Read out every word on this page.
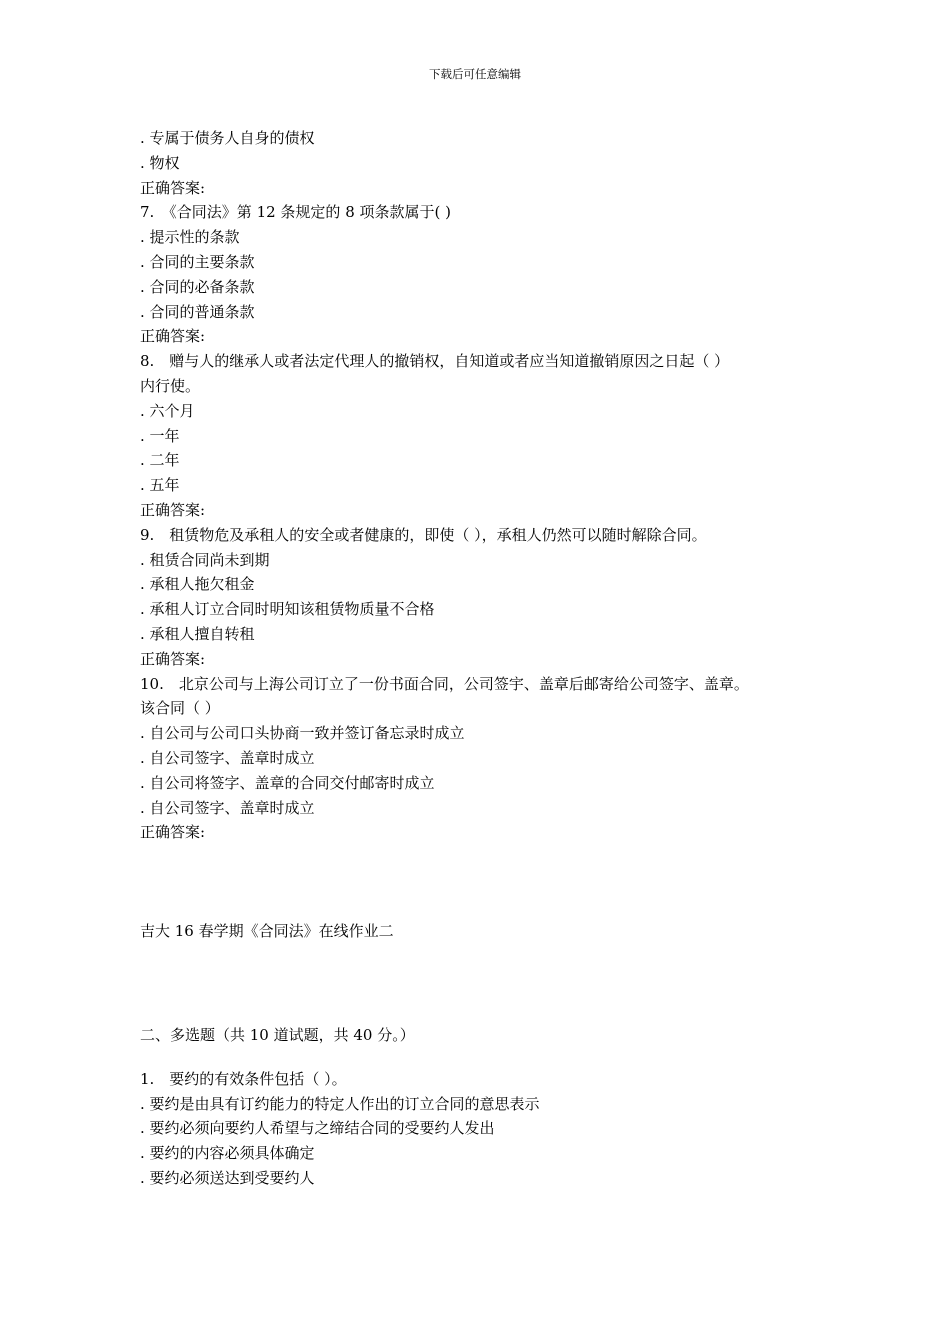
下载后可任意编辑
. 专属于债务人自身的债权
. 物权
正确答案:
7.　《合同法》第 12 条规定的 8 项条款属于( )
. 提示性的条款
. 合同的主要条款
. 合同的必备条款
. 合同的普通条款
正确答案:
8.　赠与人的继承人或者法定代理人的撤销权，自知道或者应当知道撤销原因之日起（ ）
内行使。
. 六个月
. 一年
. 二年
. 五年
正确答案:
9.　租赁物危及承租人的安全或者健康的，即使（ ），承租人仍然可以随时解除合同。
. 租赁合同尚未到期
. 承租人拖欠租金
. 承租人订立合同时明知该租赁物质量不合格
. 承租人擅自转租
正确答案:
10.　北京公司与上海公司订立了一份书面合同，公司签宇、盖章后邮寄给公司签字、盖章。
该合同（ ）
. 自公司与公司口头协商一致并签订备忘录时成立
. 自公司签字、盖章时成立
. 自公司将签字、盖章的合同交付邮寄时成立
. 自公司签字、盖章时成立
正确答案:
吉大 16 春学期《合同法》在线作业二
二、多选题（共 10 道试题，共 40 分。）
1.　要约的有效条件包括（ ）。
. 要约是由具有订约能力的特定人作出的订立合同的意思表示
. 要约必须向要约人希望与之缔结合同的受要约人发出
. 要约的内容必须具体确定
. 要约必须送达到受要约人
